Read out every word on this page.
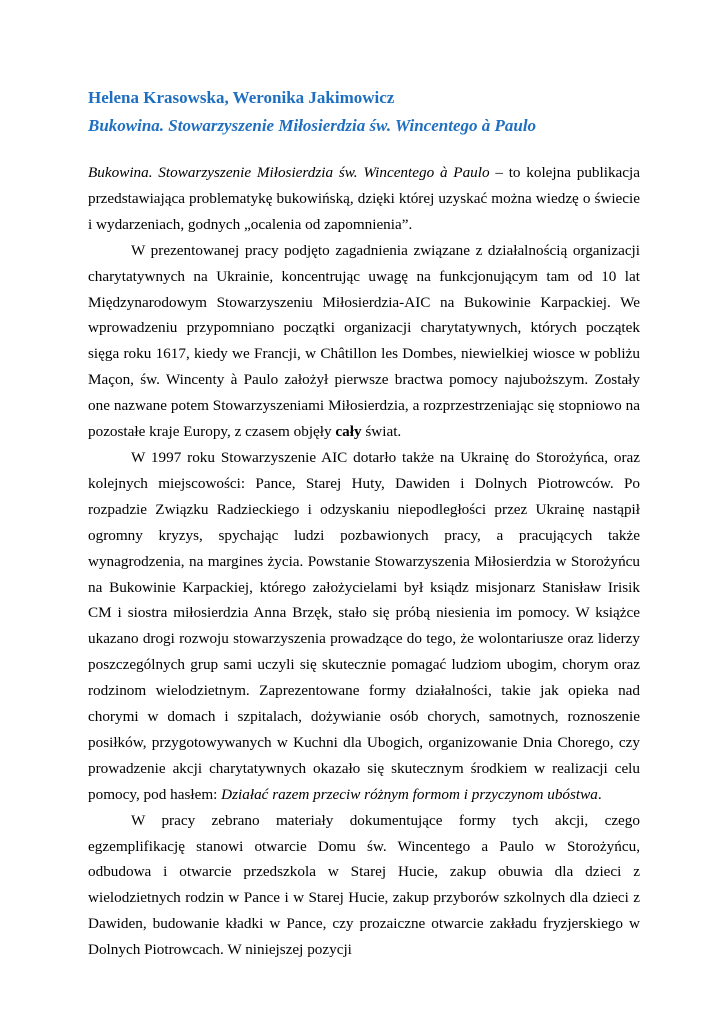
Helena Krasowska, Weronika Jakimowicz

Bukowina. Stowarzyszenie Miłosierdzia św. Wincentego à Paulo

Bukowina. Stowarzyszenie Miłosierdzia św. Wincentego à Paulo – to kolejna publikacja przedstawiająca problematykę bukowińską, dzięki której uzyskać można wiedzę o świecie i wydarzeniach, godnych „ocalenia od zapomnienia”.

W prezentowanej pracy podjęto zagadnienia związane z działalnością organizacji charytatywnych na Ukrainie, koncentrując uwagę na funkcjonującym tam od 10 lat Międzynarodowym Stowarzyszeniu Miłosierdzia-AIC na Bukowinie Karpackiej. We wprowadzeniu przypomniano początki organizacji charytatywnych, których początek sięga roku 1617, kiedy we Francji, w Châtillon les Dombes, niewielkiej wiosce w pobliżu Maçon, św. Wincenty à Paulo założył pierwsze bractwa pomocy najuboższym. Zostały one nazwane potem Stowarzyszeniami Miłosierdzia, a rozprzestrzeniając się stopniowo na pozostałe kraje Europy, z czasem objęły cały świat.

W 1997 roku Stowarzyszenie AIC dotarło także na Ukrainę do Storożyńca, oraz kolejnych miejscowości: Pance, Starej Huty, Dawiden i Dolnych Piotrowców. Po rozpadzie Związku Radzieckiego i odzyskaniu niepodległości przez Ukrainę nastąpił ogromny kryzys, spychając ludzi pozbawionych pracy, a pracujących także wynagrodzenia, na margines życia. Powstanie Stowarzyszenia Miłosierdzia w Storożyńcu na Bukowinie Karpackiej, którego założycielami był ksiądz misjonarz Stanisław Irisik CM i siostra miłosierdzia Anna Brzęk, stało się próbą niesienia im pomocy. W książce ukazano drogi rozwoju stowarzyszenia prowadzące do tego, że wolontariusze oraz liderzy poszczególnych grup sami uczyli się skutecznie pomagać ludziom ubogim, chorym oraz rodzinom wielodzietnym. Zaprezentowane formy działalności, takie jak opieka nad chorymi w domach i szpitalach, dożywianie osób chorych, samotnych, roznoszenie posiłków, przygotowywanych w Kuchni dla Ubogich, organizowanie Dnia Chorego, czy prowadzenie akcji charytatywnych okazało się skutecznym środkiem w realizacji celu pomocy, pod hasłem: Działać razem przeciw różnym formom i przyczynom ubóstwa.

W pracy zebrano materiały dokumentujące formy tych akcji, czego egzemplifikację stanowi otwarcie Domu św. Wincentego a Paulo w Storożyńcu, odbudowa i otwarcie przedszkola w Starej Hucie, zakup obuwia dla dzieci z wielodzietnych rodzin w Pance i w Starej Hucie, zakup przyborów szkolnych dla dzieci z Dawiden, budowanie kładki w Pance, czy prozaiczne otwarcie zakładu fryzjerskiego w Dolnych Piotrowcach. W niniejszej pozycji
